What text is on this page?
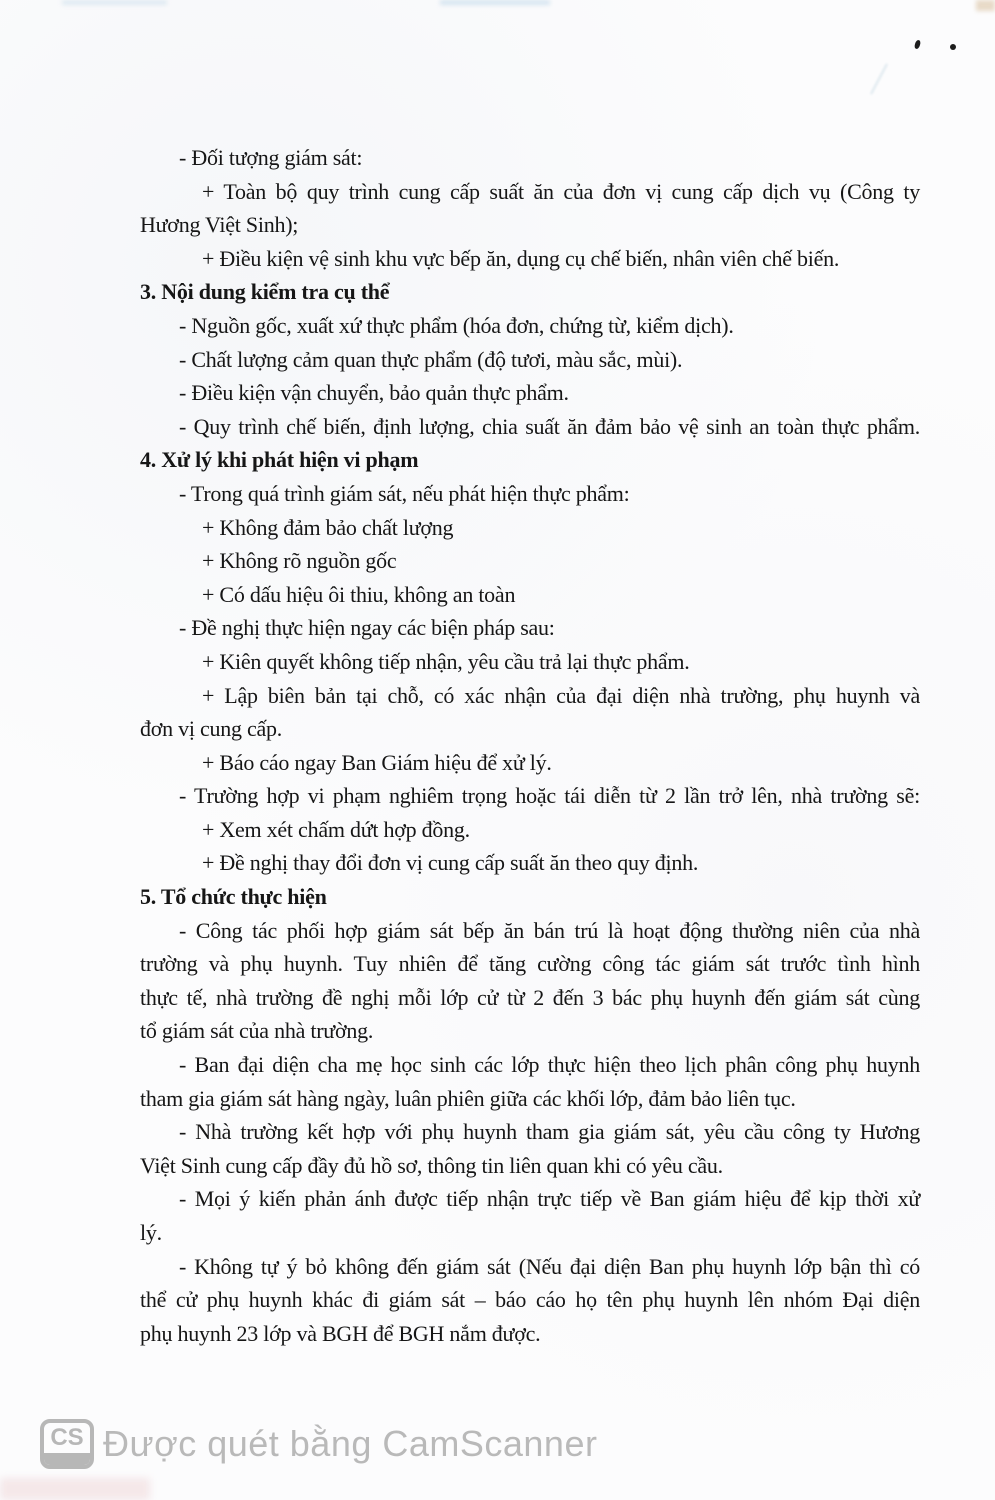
- Đối tượng giám sát:
+ Toàn bộ quy trình cung cấp suất ăn của đơn vị cung cấp dịch vụ (Công ty
Hương Việt Sinh);
+ Điều kiện vệ sinh khu vực bếp ăn, dụng cụ chế biến, nhân viên chế biến.
3. Nội dung kiểm tra cụ thể
- Nguồn gốc, xuất xứ thực phẩm (hóa đơn, chứng từ, kiểm dịch).
- Chất lượng cảm quan thực phẩm (độ tươi, màu sắc, mùi).
- Điều kiện vận chuyển, bảo quản thực phẩm.
- Quy trình chế biến, định lượng, chia suất ăn đảm bảo vệ sinh an toàn thực phẩm.
4. Xử lý khi phát hiện vi phạm
- Trong quá trình giám sát, nếu phát hiện thực phẩm:
+ Không đảm bảo chất lượng
+ Không rõ nguồn gốc
+ Có dấu hiệu ôi thiu, không an toàn
- Đề nghị thực hiện ngay các biện pháp sau:
+ Kiên quyết không tiếp nhận, yêu cầu trả lại thực phẩm.
+ Lập biên bản tại chỗ, có xác nhận của đại diện nhà trường, phụ huynh và
đơn vị cung cấp.
+ Báo cáo ngay Ban Giám hiệu để xử lý.
- Trường hợp vi phạm nghiêm trọng hoặc tái diễn từ 2 lần trở lên, nhà trường sẽ:
+ Xem xét chấm dứt hợp đồng.
+ Đề nghị thay đổi đơn vị cung cấp suất ăn theo quy định.
5. Tổ chức thực hiện
- Công tác phối hợp giám sát bếp ăn bán trú là hoạt động thường niên của nhà
trường và phụ huynh. Tuy nhiên để tăng cường công tác giám sát trước tình hình
thực tế, nhà trường đề nghị mỗi lớp cử từ 2 đến 3 bác phụ huynh đến giám sát cùng
tổ giám sát của nhà trường.
- Ban đại diện cha mẹ học sinh các lớp thực hiện theo lịch phân công phụ huynh
tham gia giám sát hàng ngày, luân phiên giữa các khối lớp, đảm bảo liên tục.
- Nhà trường kết hợp với phụ huynh tham gia giám sát, yêu cầu công ty Hương
Việt Sinh cung cấp đầy đủ hồ sơ, thông tin liên quan khi có yêu cầu.
- Mọi ý kiến phản ánh được tiếp nhận trực tiếp về Ban giám hiệu để kịp thời xử
lý.
- Không tự ý bỏ không đến giám sát (Nếu đại diện Ban phụ huynh lớp bận thì có
thể cử phụ huynh khác đi giám sát – báo cáo họ tên phụ huynh lên nhóm Đại diện
phụ huynh 23 lớp và BGH để BGH nắm được.
CS Được quét bằng CamScanner
